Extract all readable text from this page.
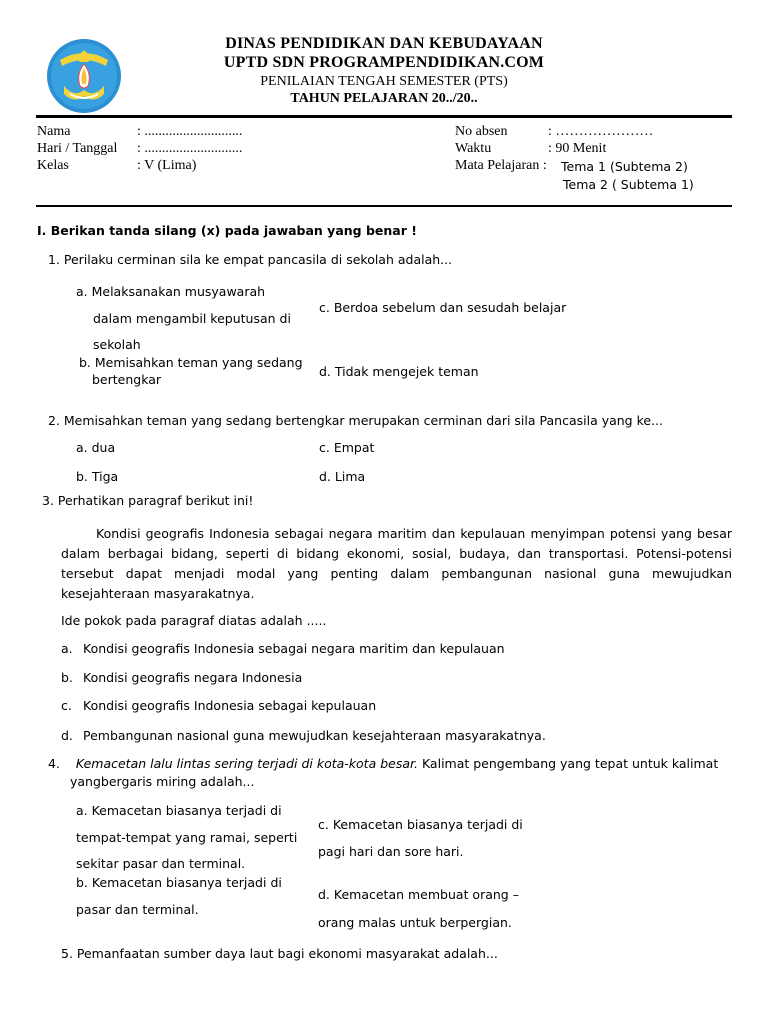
DINAS PENDIDIKAN DAN KEBUDAYAAN
UPTD SDN PROGRAMPENDIDIKAN.COM
PENILAIAN TENGAH SEMESTER (PTS)
TAHUN PELAJARAN 20../20..
Nama	: ............................
Hari / Tanggal : ............................
Kelas	: V (Lima)
No absen	: …………………
Waktu	: 90 Menit
Mata Pelajaran : Tema 1 (Subtema 2)
Tema 2 ( Subtema 1)
I. Berikan tanda silang (x) pada jawaban yang benar !
1. Perilaku cerminan sila ke empat pancasila di sekolah adalah...
a. Melaksanakan musyawarah
dalam mengambil keputusan di
sekolah
b. Memisahkan teman yang sedang
bertengkar
c. Berdoa sebelum dan sesudah belajar
d. Tidak mengejek teman
2. Memisahkan teman yang sedang bertengkar merupakan cerminan dari sila Pancasila yang ke...
a. dua
b. Tiga
c. Empat
d. Lima
3. Perhatikan paragraf berikut ini!
Kondisi geografis Indonesia sebagai negara maritim dan kepulauan menyimpan potensi yang besar
dalam berbagai bidang, seperti di bidang ekonomi, sosial, budaya, dan transportasi. Potensi-potensi
tersebut dapat menjadi modal yang penting dalam pembangunan nasional guna mewujudkan
kesejahteraan masyarakatnya.
Ide pokok pada paragraf diatas adalah .....
a. Kondisi geografis Indonesia sebagai negara maritim dan kepulauan
b. Kondisi geografis negara Indonesia
c. Kondisi geografis Indonesia sebagai kepulauan
d. Pembangunan nasional guna mewujudkan kesejahteraan masyarakatnya.
4. Kemacetan lalu lintas sering terjadi di kota-kota besar. Kalimat pengembang yang tepat untuk kalimat
yangbergaris miring adalah...
a. Kemacetan biasanya terjadi di
tempat-tempat yang ramai, seperti
sekitar pasar dan terminal.
b. Kemacetan biasanya terjadi di
pasar dan terminal.
c. Kemacetan biasanya terjadi di
pagi hari dan sore hari.
d. Kemacetan membuat orang –
orang malas untuk berpergian.
5. Pemanfaatan sumber daya laut bagi ekonomi masyarakat adalah...
